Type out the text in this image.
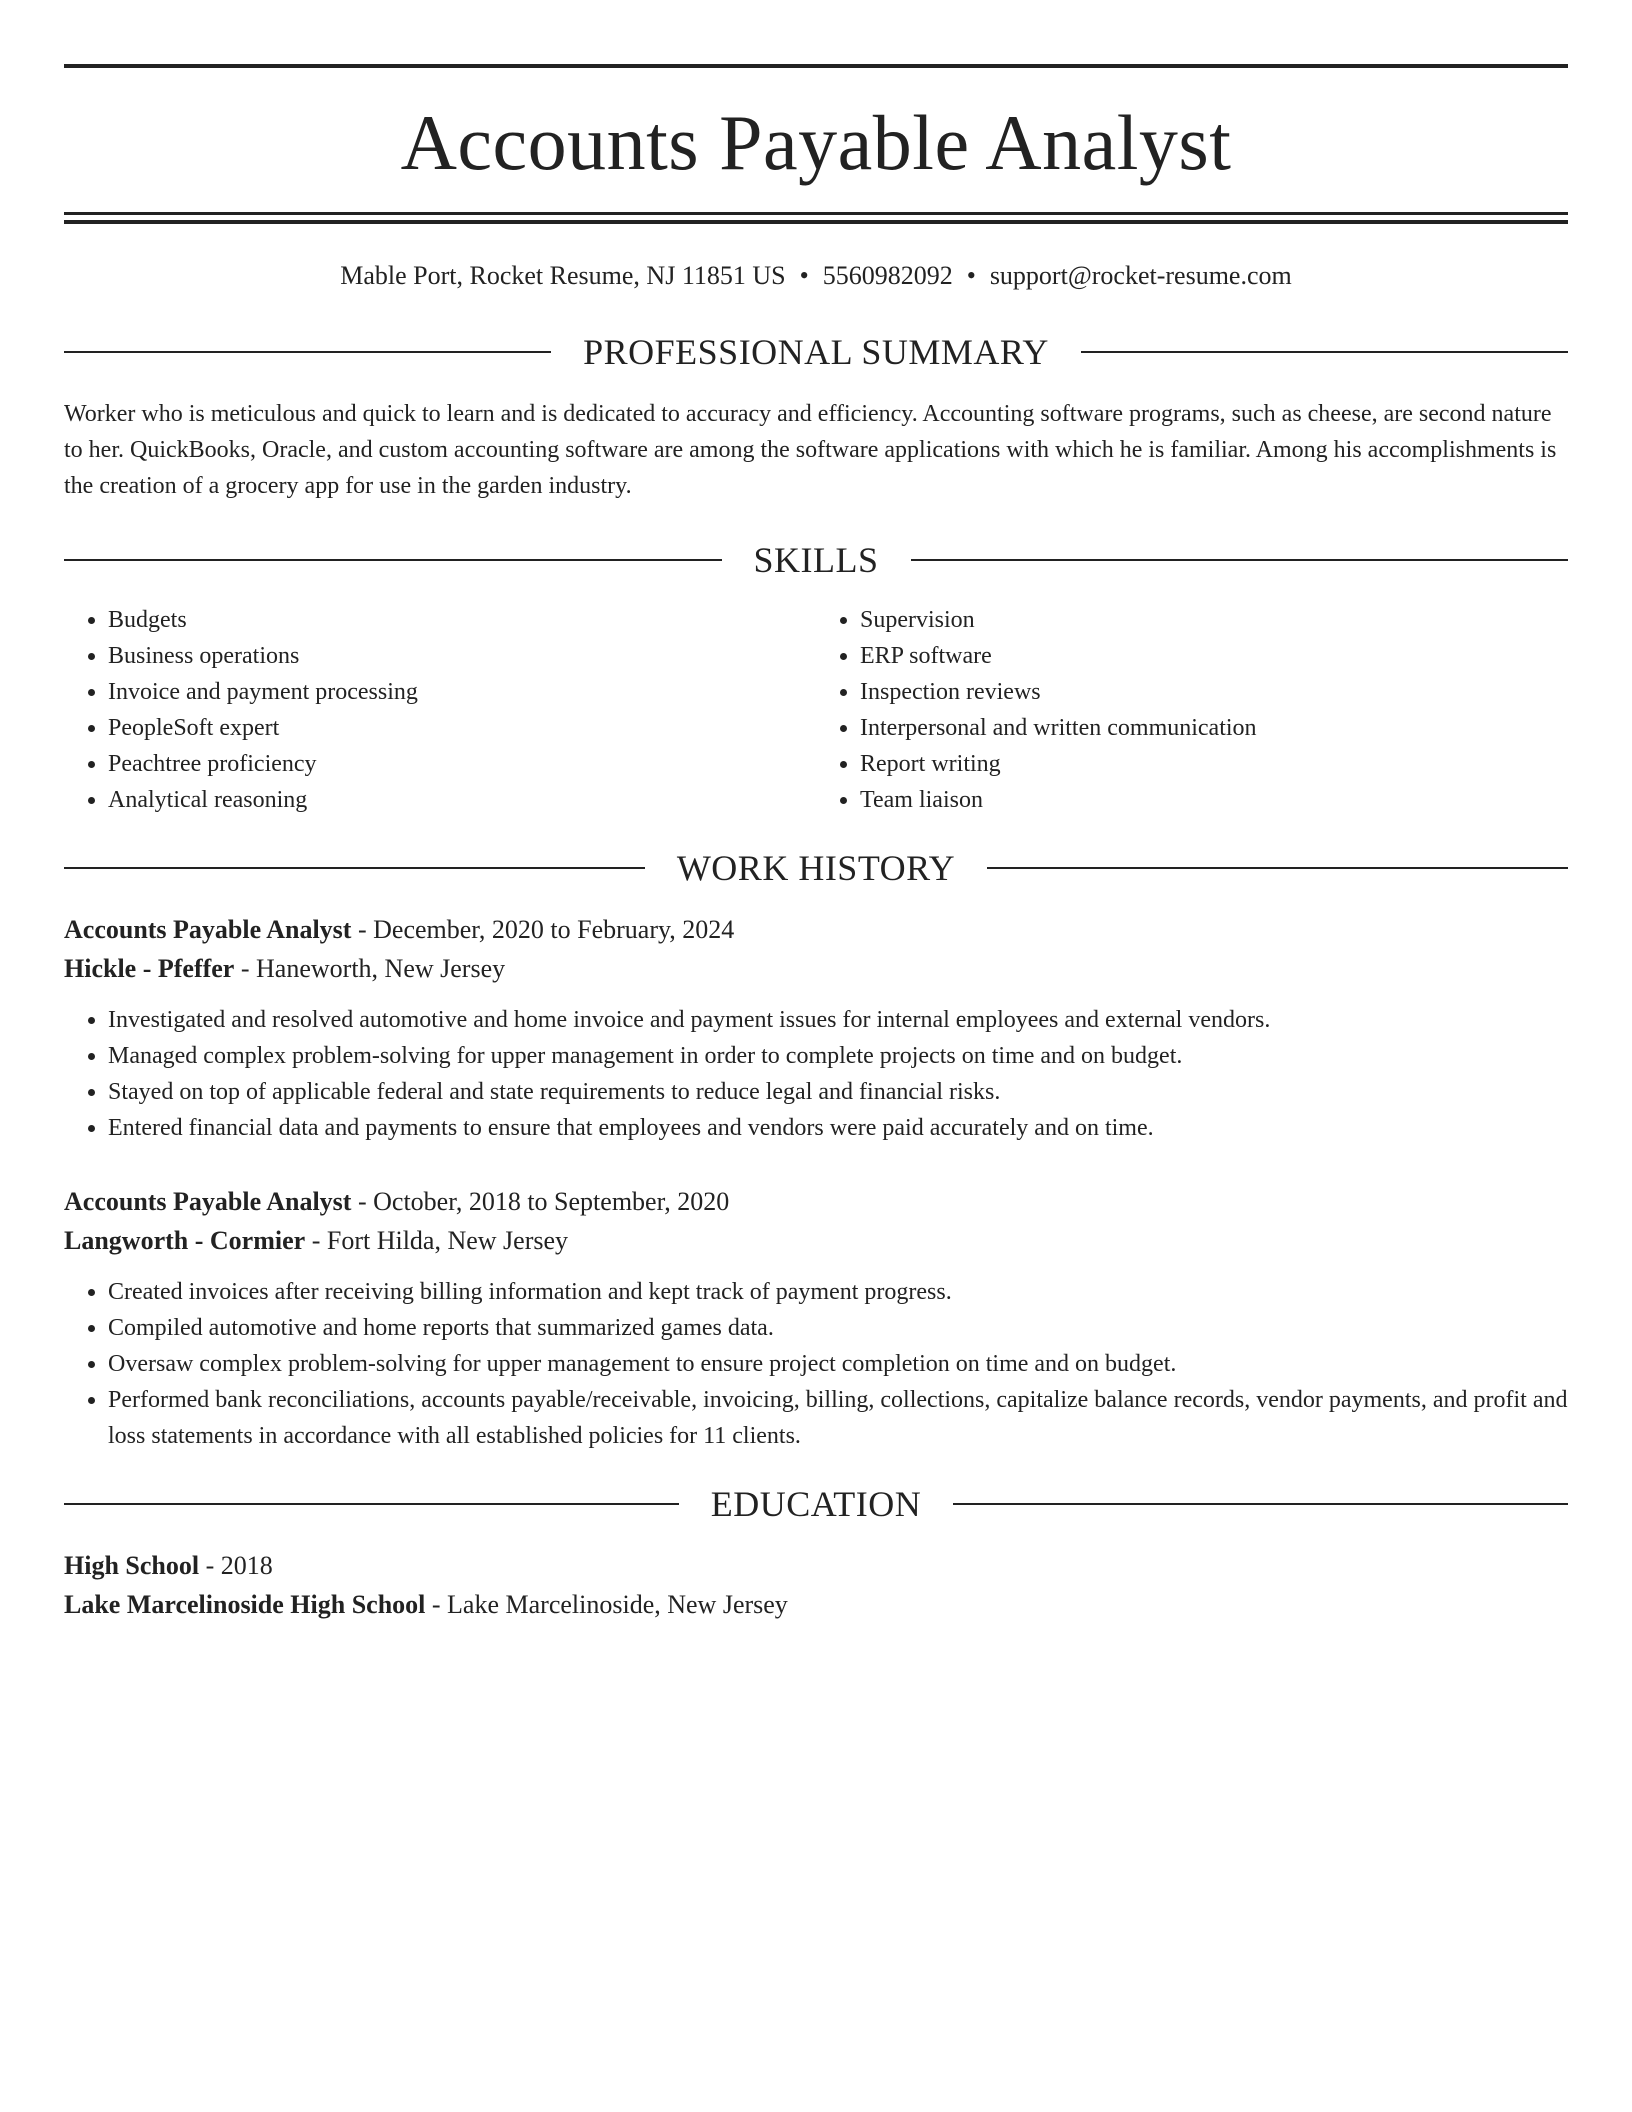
Accounts Payable Analyst
Mable Port, Rocket Resume, NJ 11851 US • 5560982092 • support@rocket-resume.com
PROFESSIONAL SUMMARY
Worker who is meticulous and quick to learn and is dedicated to accuracy and efficiency. Accounting software programs, such as cheese, are second nature to her. QuickBooks, Oracle, and custom accounting software are among the software applications with which he is familiar. Among his accomplishments is the creation of a grocery app for use in the garden industry.
SKILLS
• Budgets
• Business operations
• Invoice and payment processing
• PeopleSoft expert
• Peachtree proficiency
• Analytical reasoning
• Supervision
• ERP software
• Inspection reviews
• Interpersonal and written communication
• Report writing
• Team liaison
WORK HISTORY
Accounts Payable Analyst - December, 2020 to February, 2024
Hickle - Pfeffer - Haneworth, New Jersey
• Investigated and resolved automotive and home invoice and payment issues for internal employees and external vendors.
• Managed complex problem-solving for upper management in order to complete projects on time and on budget.
• Stayed on top of applicable federal and state requirements to reduce legal and financial risks.
• Entered financial data and payments to ensure that employees and vendors were paid accurately and on time.
Accounts Payable Analyst - October, 2018 to September, 2020
Langworth - Cormier - Fort Hilda, New Jersey
• Created invoices after receiving billing information and kept track of payment progress.
• Compiled automotive and home reports that summarized games data.
• Oversaw complex problem-solving for upper management to ensure project completion on time and on budget.
• Performed bank reconciliations, accounts payable/receivable, invoicing, billing, collections, capitalize balance records, vendor payments, and profit and loss statements in accordance with all established policies for 11 clients.
EDUCATION
High School - 2018
Lake Marcelinoside High School - Lake Marcelinoside, New Jersey
